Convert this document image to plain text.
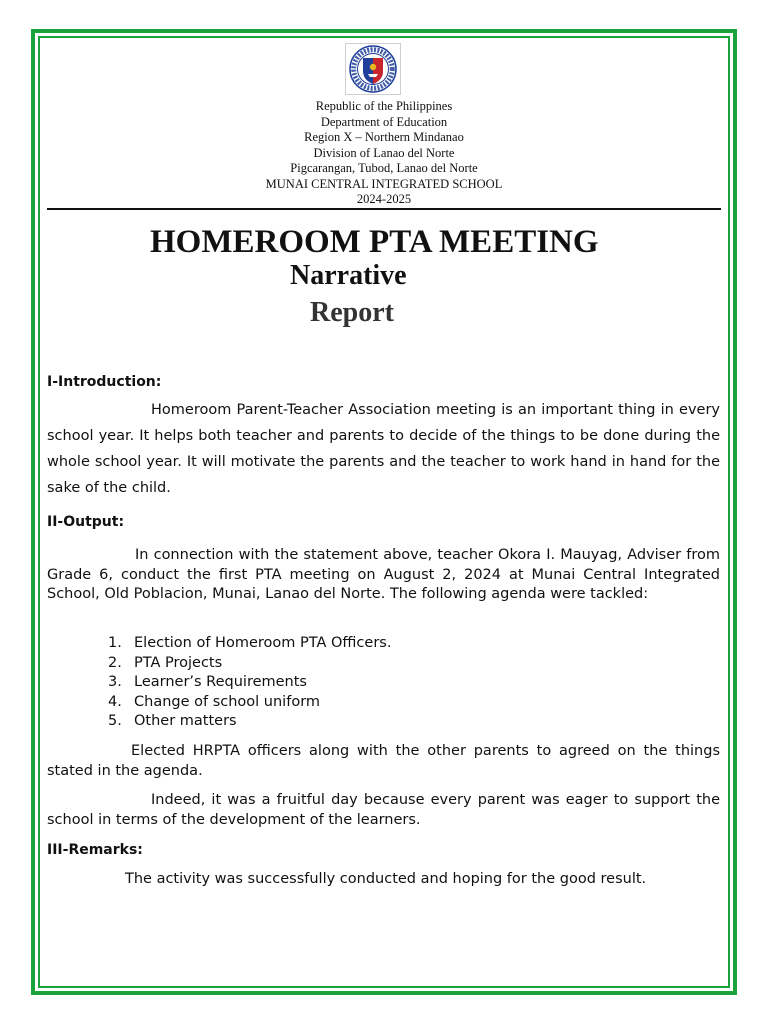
Republic of the Philippines
Department of Education
Region X – Northern Mindanao
Division of Lanao del Norte
Pigcarangan, Tubod, Lanao del Norte
MUNAI CENTRAL INTEGRATED SCHOOL
2024-2025
HOMEROOM PTA MEETING
Narrative
Report
I-Introduction:
Homeroom Parent-Teacher Association meeting is an important thing in every school year. It helps both teacher and parents to decide of the things to be done during the whole school year. It will motivate the parents and the teacher to work hand in hand for the sake of the child.
II-Output:
In connection with the statement above, teacher Okora I. Mauyag, Adviser from Grade 6, conduct the first PTA meeting on August 2, 2024 at Munai Central Integrated School, Old Poblacion, Munai, Lanao del Norte. The following agenda were tackled:
1. Election of Homeroom PTA Officers.
2. PTA Projects
3. Learner’s Requirements
4. Change of school uniform
5. Other matters
Elected HRPTA officers along with the other parents to agreed on the things stated in the agenda.
Indeed, it was a fruitful day because every parent was eager to support the school in terms of the development of the learners.
III-Remarks:
The activity was successfully conducted and hoping for the good result.
